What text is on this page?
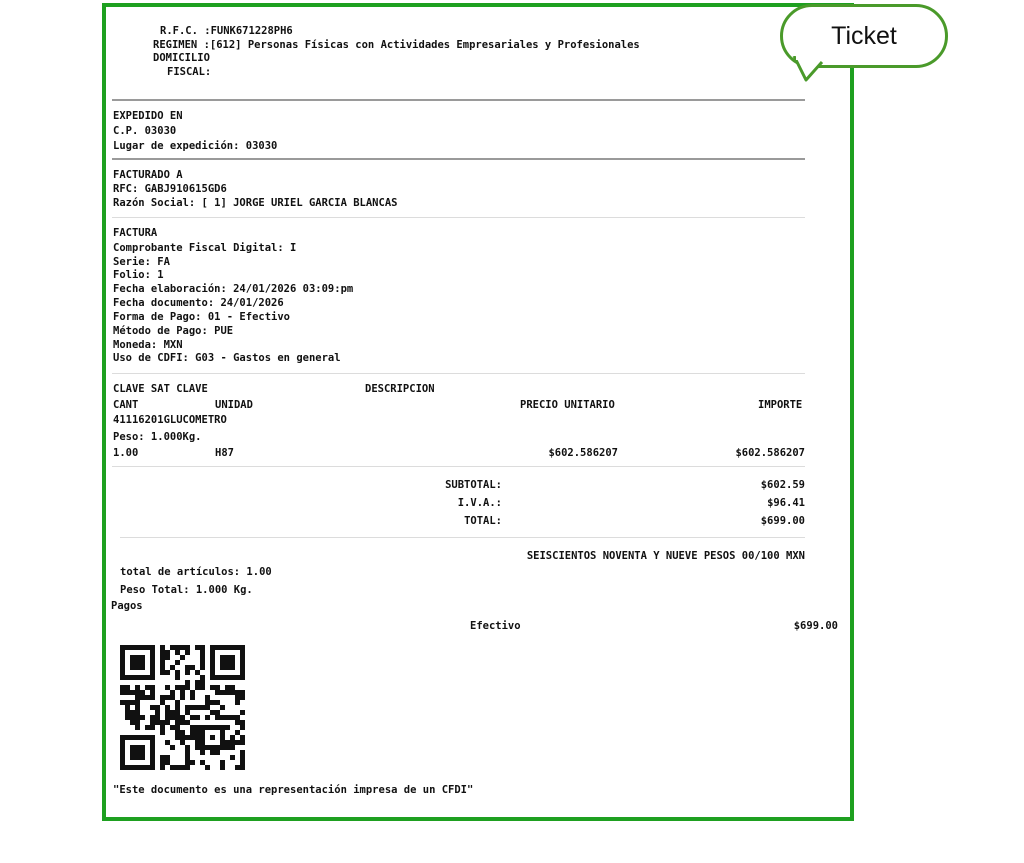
R.F.C. :FUNK671228PH6
REGIMEN :[612] Personas Físicas con Actividades Empresariales y Profesionales
DOMICILIO
FISCAL:
EXPEDIDO EN
C.P. 03030
Lugar de expedición: 03030
FACTURADO A
RFC: GABJ910615GD6
Razón Social: [ 1] JORGE URIEL GARCIA BLANCAS
FACTURA
Comprobante Fiscal Digital: I
Serie: FA
Folio: 1
Fecha elaboración: 24/01/2026 03:09:pm
Fecha documento: 24/01/2026
Forma de Pago: 01 - Efectivo
Método de Pago: PUE
Moneda: MXN
Uso de CDFI: G03 - Gastos en general
CLAVE SAT CLAVE	DESCRIPCION
CANT	UNIDAD	PRECIO UNITARIO	IMPORTE
41116201GLUCOMETRO
Peso: 1.000Kg.
1.00	H87	$602.586207	$602.586207
SUBTOTAL:	$602.59
I.V.A.:	$96.41
TOTAL:	$699.00
SEISCIENTOS NOVENTA Y NUEVE PESOS 00/100 MXN
total de artículos: 1.00
Peso Total: 1.000 Kg.
Pagos
Efectivo	$699.00
"Este documento es una representación impresa de un CFDI"
Ticket
